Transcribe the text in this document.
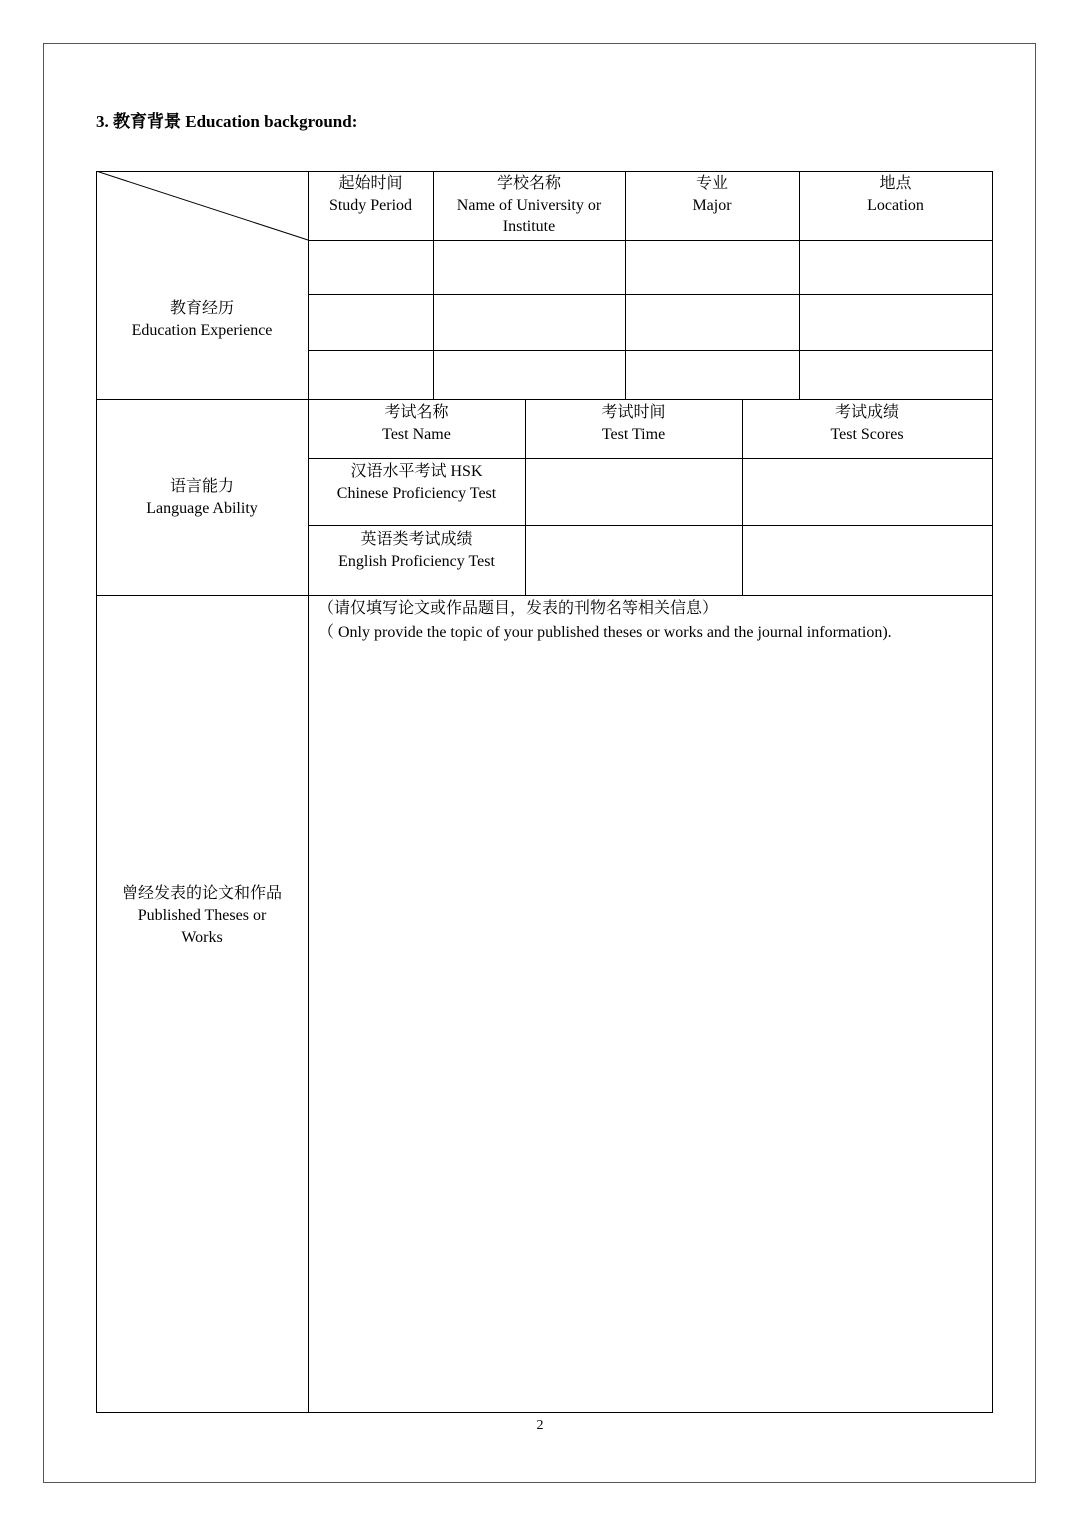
3. 教育背景 Education background:
起始时间
Study Period
学校名称
Name of University or Institute
专业
Major
地点
Location
教育经历
Education Experience
语言能力
Language Ability
考试名称
Test Name
考试时间
Test Time
考试成绩
Test Scores
汉语水平考试 HSK
Chinese Proficiency Test
英语类考试成绩
English Proficiency Test
曾经发表的论文和作品
Published Theses or Works
（请仅填写论文或作品题目，发表的刊物名等相关信息）
（ Only provide the topic of your published theses or works and the journal information).
2
